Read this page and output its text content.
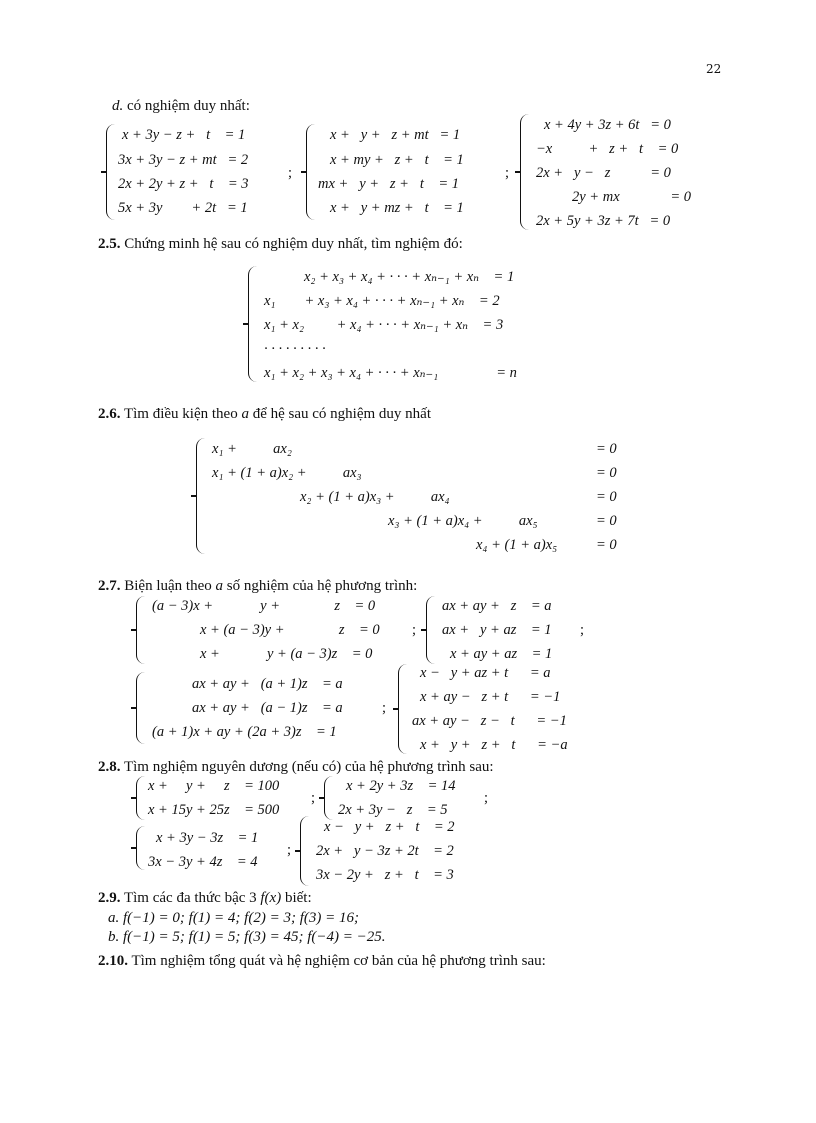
22
d. có nghiệm duy nhất:
x + 3y − z +   t    = 1
3x + 3y − z + mt   = 2
2x + 2y + z +   t    = 3
5x + 3y        + 2t   = 1
;
x +   y +   z + mt   = 1
x + my +   z +   t    = 1
mx +   y +   z +   t    = 1
x +   y + mz +   t    = 1
;
x + 4y + 3z + 6t   = 0
−x          +   z +   t    = 0
2x +   y −   z           = 0
2y + mx              = 0
2x + 5y + 3z + 7t   = 0
2.5. Chứng minh hệ sau có nghiệm duy nhất, tìm nghiệm đó:
x₂ + x₃ + x₄ + · · · + xₙ₋₁ + xₙ    = 1
x₁        + x₃ + x₄ + · · · + xₙ₋₁ + xₙ    = 2
x₁ + x₂         + x₄ + · · · + xₙ₋₁ + xₙ    = 3
· · · · · · · · ·
x₁ + x₂ + x₃ + x₄ + · · · + xₙ₋₁                = n
2.6. Tìm điều kiện theo a để hệ sau có nghiệm duy nhất
x₁ +          ax₂
x₁ + (1 + a)x₂ +          ax₃
x₂ + (1 + a)x₃ +          ax₄
x₃ + (1 + a)x₄ +          ax₅
x₄ + (1 + a)x₅
= 0
= 0
= 0
= 0
= 0
2.7. Biện luận theo a số nghiệm của hệ phương trình:
(a − 3)x +             y +               z    = 0
x + (a − 3)y +               z    = 0
x +             y + (a − 3)z    = 0
;
ax + ay +   z    = a
ax +   y + az    = 1
x + ay + az    = 1
;
ax + ay +   (a + 1)z    = a
ax + ay +   (a − 1)z    = a
(a + 1)x + ay + (2a + 3)z    = 1
;
x −   y + az + t      = a
x + ay −   z + t      = −1
ax + ay −   z −   t      = −1
x +   y +   z +   t      = −a
2.8. Tìm nghiệm nguyên dương (nếu có) của hệ phương trình sau:
x +     y +     z    = 100
x + 15y + 25z    = 500
;
x + 2y + 3z    = 14
2x + 3y −   z    = 5
;
x + 3y − 3z    = 1
3x − 3y + 4z    = 4
;
x −   y +   z +   t    = 2
2x +   y − 3z + 2t    = 2
3x − 2y +   z +   t    = 3
2.9. Tìm các đa thức bậc 3 f(x) biết:
a. f(−1) = 0; f(1) = 4; f(2) = 3; f(3) = 16;
b. f(−1) = 5; f(1) = 5; f(3) = 45; f(−4) = −25.
2.10. Tìm nghiệm tổng quát và hệ nghiệm cơ bản của hệ phương trình sau:
